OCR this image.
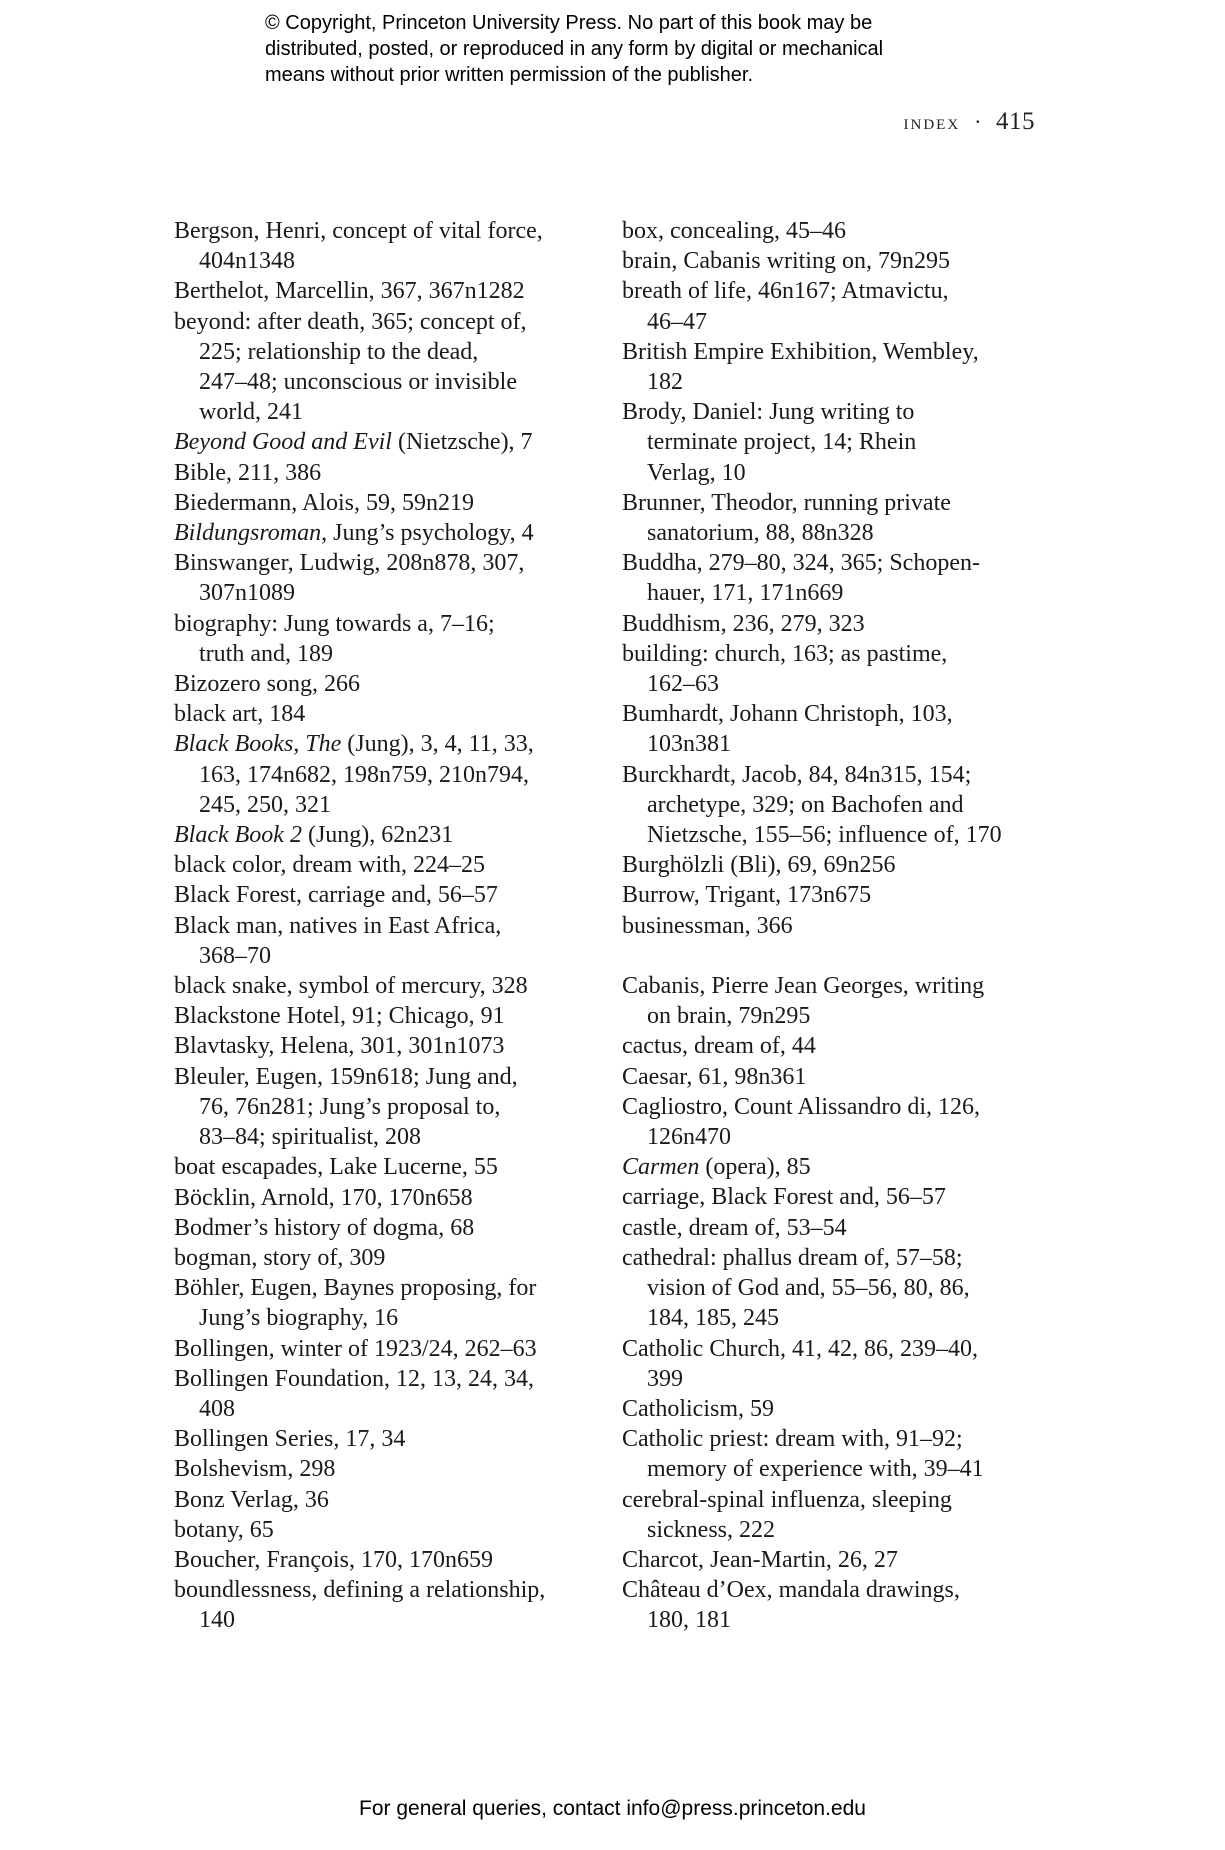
© Copyright, Princeton University Press. No part of this book may be
distributed, posted, or reproduced in any form by digital or mechanical
means without prior written permission of the publisher.
index · 415
Bergson, Henri, concept of vital force,
404n1348
Berthelot, Marcellin, 367, 367n1282
beyond: after death, 365; concept of,
225; relationship to the dead,
247–48; unconscious or invisible
world, 241
Beyond Good and Evil (Nietzsche), 7
Bible, 211, 386
Biedermann, Alois, 59, 59n219
Bildungsroman, Jung’s psychology, 4
Binswanger, Ludwig, 208n878, 307,
307n1089
biography: Jung towards a, 7–16;
truth and, 189
Bizozero song, 266
black art, 184
Black Books, The (Jung), 3, 4, 11, 33,
163, 174n682, 198n759, 210n794,
245, 250, 321
Black Book 2 (Jung), 62n231
black color, dream with, 224–25
Black Forest, carriage and, 56–57
Black man, natives in East Africa,
368–70
black snake, symbol of mercury, 328
Blackstone Hotel, 91; Chicago, 91
Blavtasky, Helena, 301, 301n1073
Bleuler, Eugen, 159n618; Jung and,
76, 76n281; Jung’s proposal to,
83–84; spiritualist, 208
boat escapades, Lake Lucerne, 55
Böcklin, Arnold, 170, 170n658
Bodmer’s history of dogma, 68
bogman, story of, 309
Böhler, Eugen, Baynes proposing, for
Jung’s biography, 16
Bollingen, winter of 1923/24, 262–63
Bollingen Foundation, 12, 13, 24, 34,
408
Bollingen Series, 17, 34
Bolshevism, 298
Bonz Verlag, 36
botany, 65
Boucher, François, 170, 170n659
boundlessness, defining a relationship,
140
box, concealing, 45–46
brain, Cabanis writing on, 79n295
breath of life, 46n167; Atmavictu,
46–47
British Empire Exhibition, Wembley,
182
Brody, Daniel: Jung writing to
terminate project, 14; Rhein
Verlag, 10
Brunner, Theodor, running private
sanatorium, 88, 88n328
Buddha, 279–80, 324, 365; Schopen-
hauer, 171, 171n669
Buddhism, 236, 279, 323
building: church, 163; as pastime,
162–63
Bumhardt, Johann Christoph, 103,
103n381
Burckhardt, Jacob, 84, 84n315, 154;
archetype, 329; on Bachofen and
Nietzsche, 155–56; influence of, 170
Burghölzli (Bli), 69, 69n256
Burrow, Trigant, 173n675
businessman, 366
Cabanis, Pierre Jean Georges, writing
on brain, 79n295
cactus, dream of, 44
Caesar, 61, 98n361
Cagliostro, Count Alissandro di, 126,
126n470
Carmen (opera), 85
carriage, Black Forest and, 56–57
castle, dream of, 53–54
cathedral: phallus dream of, 57–58;
vision of God and, 55–56, 80, 86,
184, 185, 245
Catholic Church, 41, 42, 86, 239–40,
399
Catholicism, 59
Catholic priest: dream with, 91–92;
memory of experience with, 39–41
cerebral-spinal influenza, sleeping
sickness, 222
Charcot, Jean-Martin, 26, 27
Château d’Oex, mandala drawings,
180, 181
For general queries, contact info@press.princeton.edu
